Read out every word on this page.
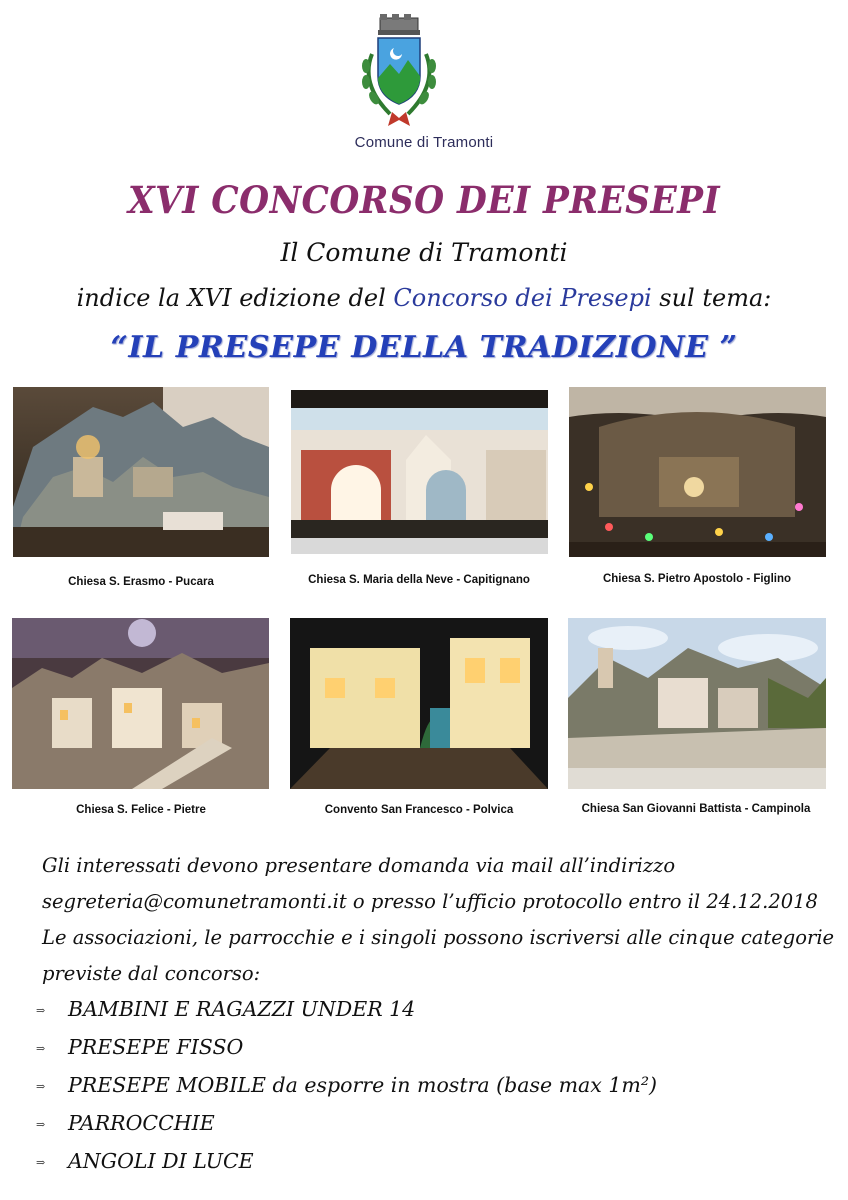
Comune di Tramonti
XVI CONCORSO DEI PRESEPI
Il Comune di Tramonti
indice la XVI edizione del Concorso dei Presepi sul tema:
“IL PRESEPE DELLA TRADIZIONE ”
Chiesa S. Erasmo - Pucara	Chiesa S. Maria della Neve - Capitignano	Chiesa S. Pietro Apostolo - Figlino
Chiesa S. Felice - Pietre	Convento San Francesco - Polvica	Chiesa San Giovanni Battista - Campinola

Gli interessati devono presentare domanda via mail all’indirizzo

segreteria@comunetramonti.it o presso l’ufficio protocollo entro il 24.12.2018

Le associazioni, le parrocchie e i singoli possono iscriversi alle cinque categorie

previste dal concorso:

⇒ BAMBINI E RAGAZZI UNDER 14
⇒ PRESEPE FISSO
⇒ PRESEPE MOBILE da esporre in mostra (base max 1m²)
⇒ PARROCCHIE
⇒ ANGOLI DI LUCE
